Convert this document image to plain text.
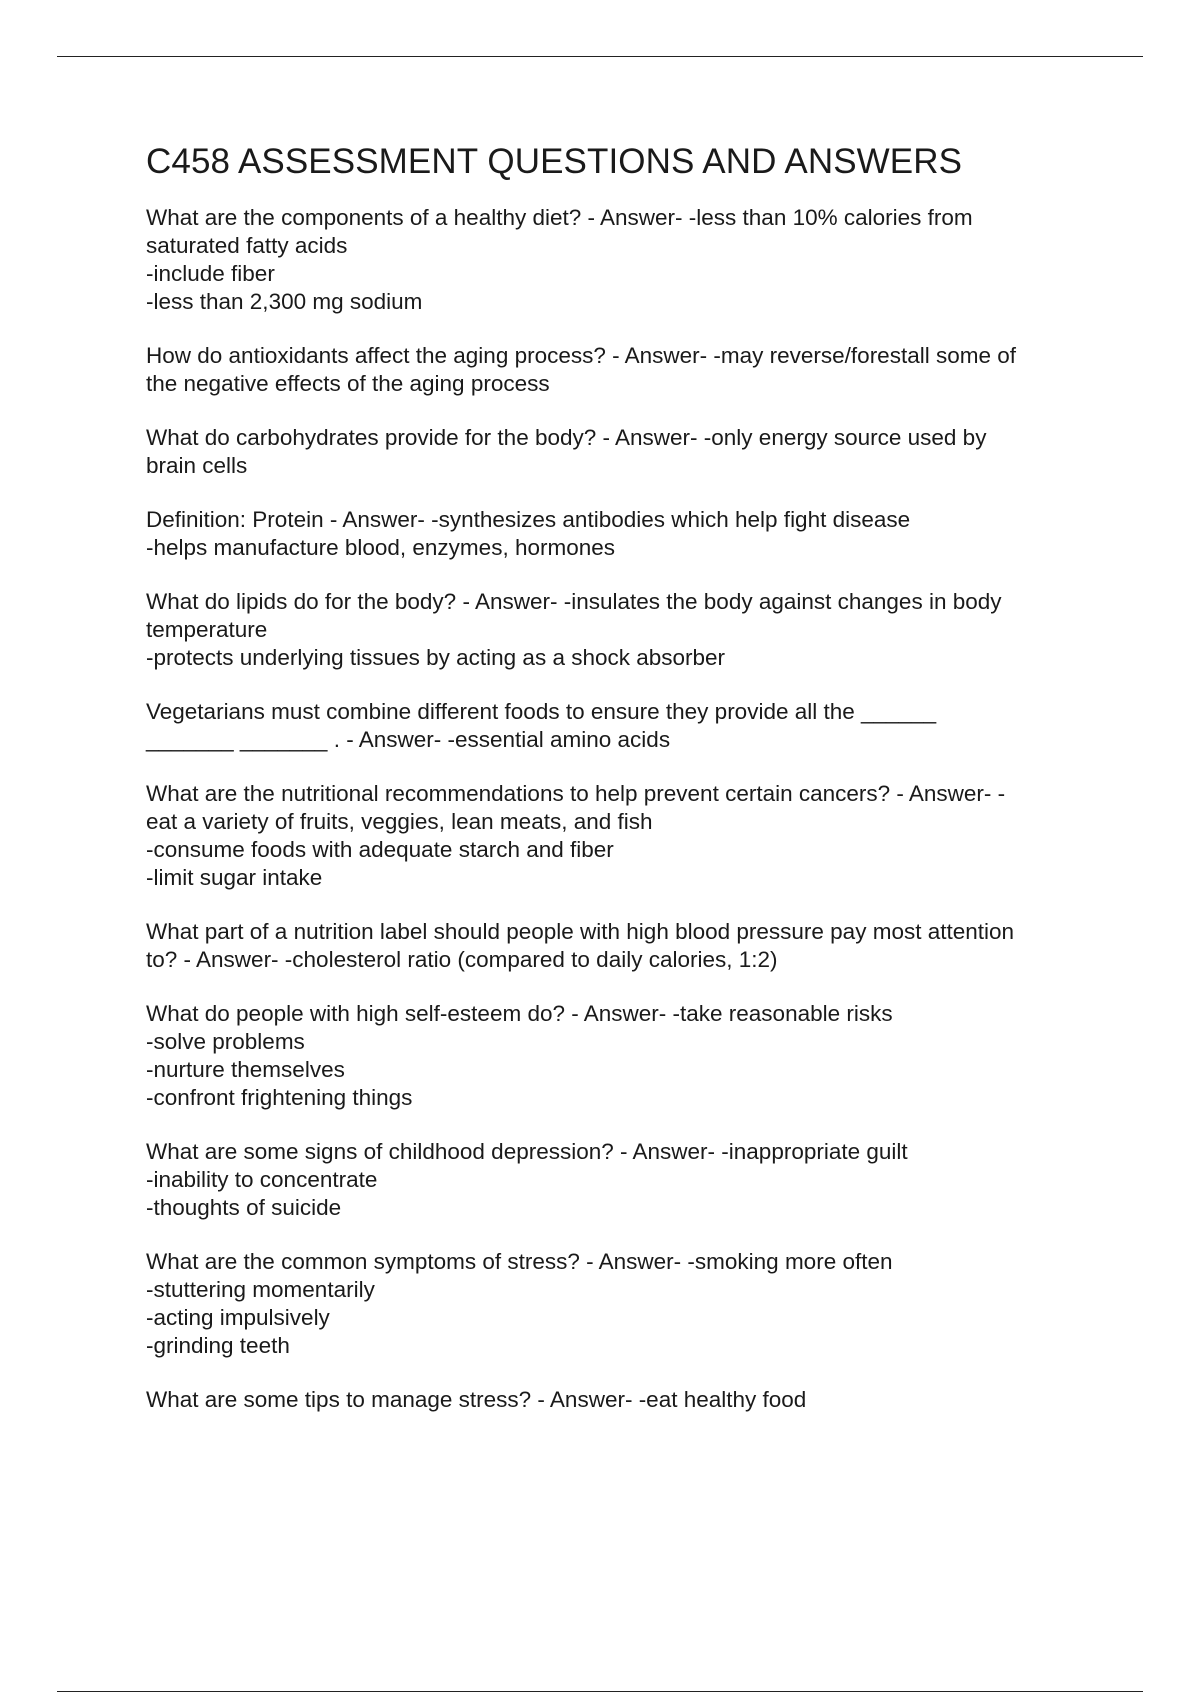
C458 ASSESSMENT QUESTIONS AND ANSWERS
What are the components of a healthy diet? - Answer- -less than 10% calories from
saturated fatty acids
-include fiber
-less than 2,300 mg sodium
How do antioxidants affect the aging process? - Answer- -may reverse/forestall some of
the negative effects of the aging process
What do carbohydrates provide for the body? - Answer- -only energy source used by
brain cells
Definition: Protein - Answer- -synthesizes antibodies which help fight disease
-helps manufacture blood, enzymes, hormones
What do lipids do for the body? - Answer- -insulates the body against changes in body
temperature
-protects underlying tissues by acting as a shock absorber
Vegetarians must combine different foods to ensure they provide all the ______
_______ _______ . - Answer- -essential amino acids
What are the nutritional recommendations to help prevent certain cancers? - Answer- -
eat a variety of fruits, veggies, lean meats, and fish
-consume foods with adequate starch and fiber
-limit sugar intake
What part of a nutrition label should people with high blood pressure pay most attention
to? - Answer- -cholesterol ratio (compared to daily calories, 1:2)
What do people with high self-esteem do? - Answer- -take reasonable risks
-solve problems
-nurture themselves
-confront frightening things
What are some signs of childhood depression? - Answer- -inappropriate guilt
-inability to concentrate
-thoughts of suicide
What are the common symptoms of stress? - Answer- -smoking more often
-stuttering momentarily
-acting impulsively
-grinding teeth
What are some tips to manage stress? - Answer- -eat healthy food
